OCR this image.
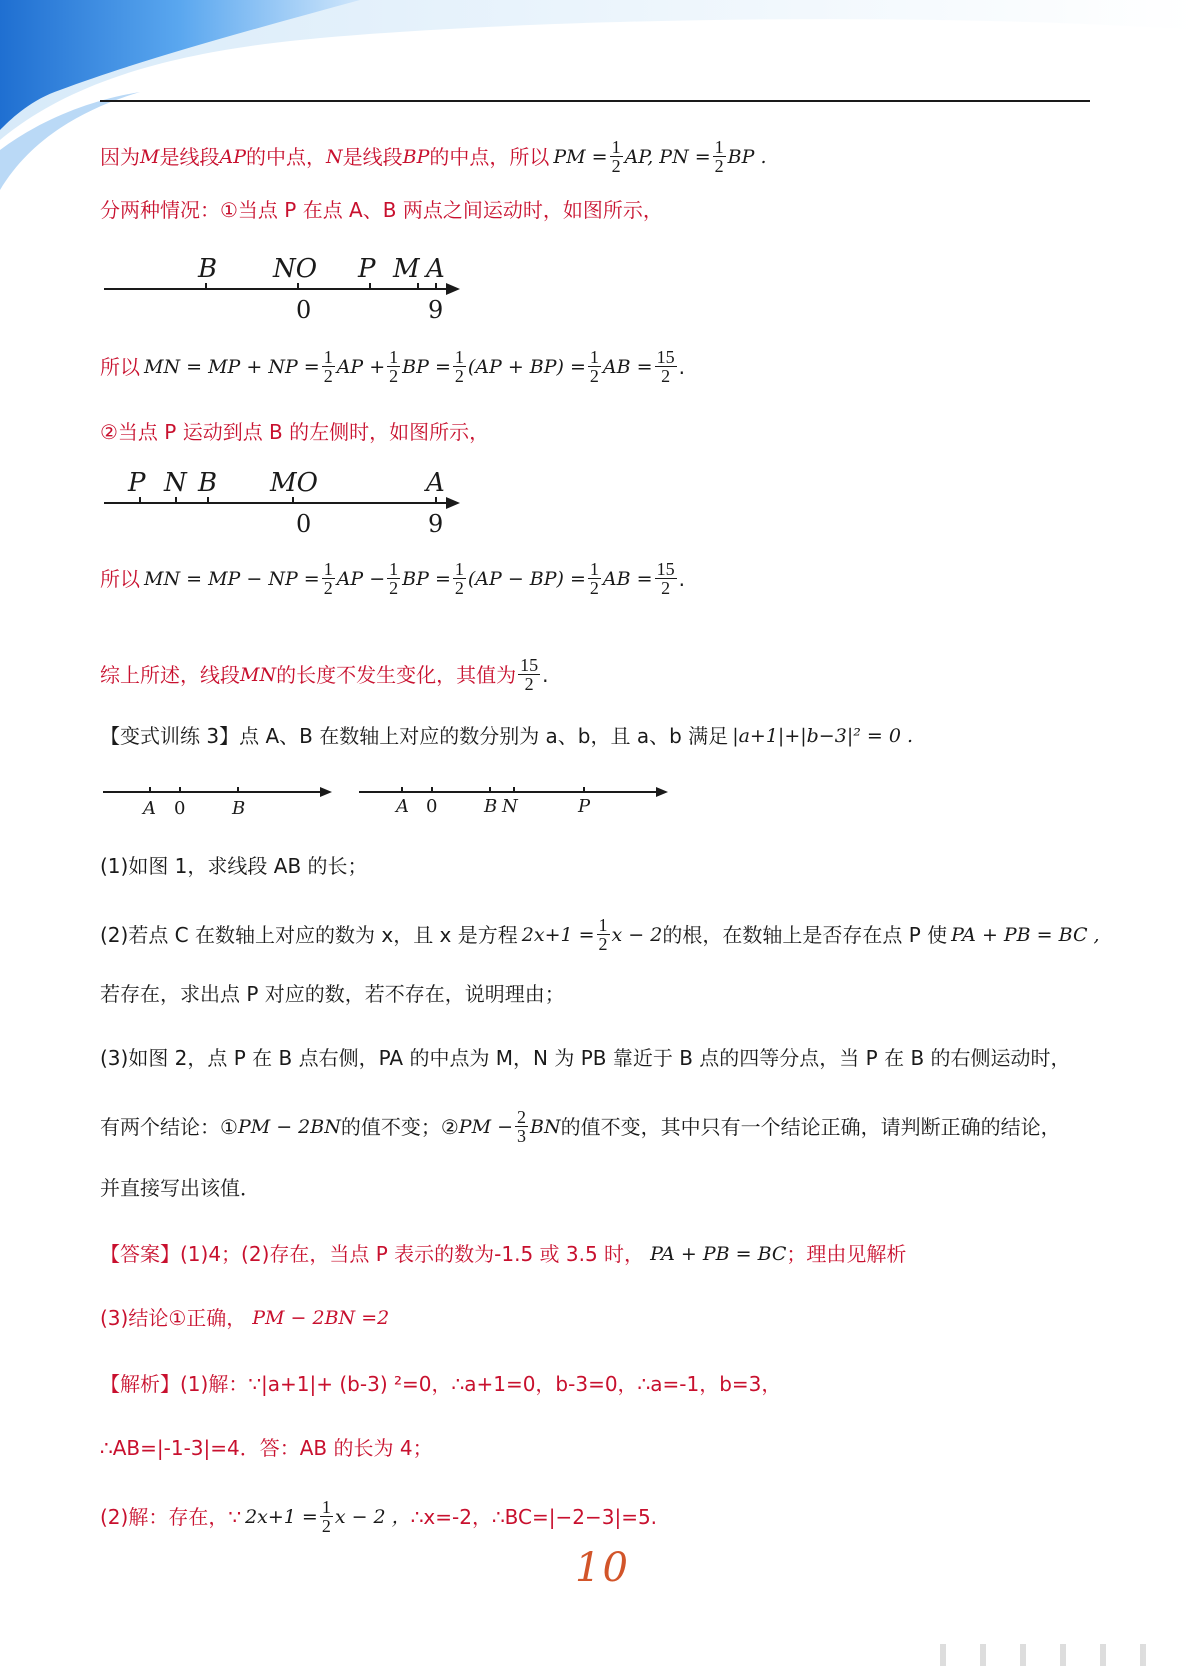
因为 M 是线段 AP 的中点， N 是线段 BP 的中点，所以 PM = $\frac{1}{2}$ AP, PN = $\frac{1}{2}$ BP .
分两种情况：①当点 P 在点 A、B 两点之间运动时，如图所示，
B NO P M A
0	9
所以 MN = MP + NP = $\frac{1}{2}$ AP + $\frac{1}{2}$ BP = $\frac{1}{2} (AP + BP) = \frac{1}{2}$ AB = $\frac{15}{2}$ .
②当点 P 运动到点 B 的左侧时，如图所示，
P N B MO	A
0	9
所以 MN = MP − NP = $\frac{1}{2}$ AP − $\frac{1}{2}$ BP = $\frac{1}{2} (AP - BP) = \frac{1}{2}$ AB = $\frac{15}{2}$ .
综上所述，线段 MN 的长度不发生变化，其值为 $\frac{15}{2}$ .
【变式训练 3】点 A、B 在数轴上对应的数分别为 a、b，且 a、b 满足 |a+1|+|b−3|² = 0 .
A 0	B	A 0	B N	P
(1)如图 1，求线段 AB 的长；
(2)若点 C 在数轴上对应的数为 x，且 x 是方程 $2x+1 = \frac{1}{2}$ x − 2 的根，在数轴上是否存在点 P 使 PA + PB = BC ,
若存在，求出点 P 对应的数，若不存在，说明理由；
(3)如图 2，点 P 在 B 点右侧，PA 的中点为 M，N 为 PB 靠近于 B 点的四等分点，当 P 在 B 的右侧运动时，
有两个结论：① PM − 2BN 的值不变；② PM − $\frac{2}{3}$ BN 的值不变，其中只有一个结论正确，请判断正确的结论，
并直接写出该值．
【答案】(1)4；(2)存在，当点 P 表示的数为-1.5 或 3.5 时， PA + PB = BC ；理由见解析
(3)结论①正确， PM − 2BN =2
【解析】(1)解：∵|a+1|+ (b-3) ²=0，∴a+1=0，b-3=0，∴a=-1，b=3，
∴AB=|-1-3|=4．答：AB 的长为 4；
(2)解：存在，∵ $2x+1 = \frac{1}{2}$ x − 2 ， ∴x=-2，∴BC=|−2−3|=5.
10
